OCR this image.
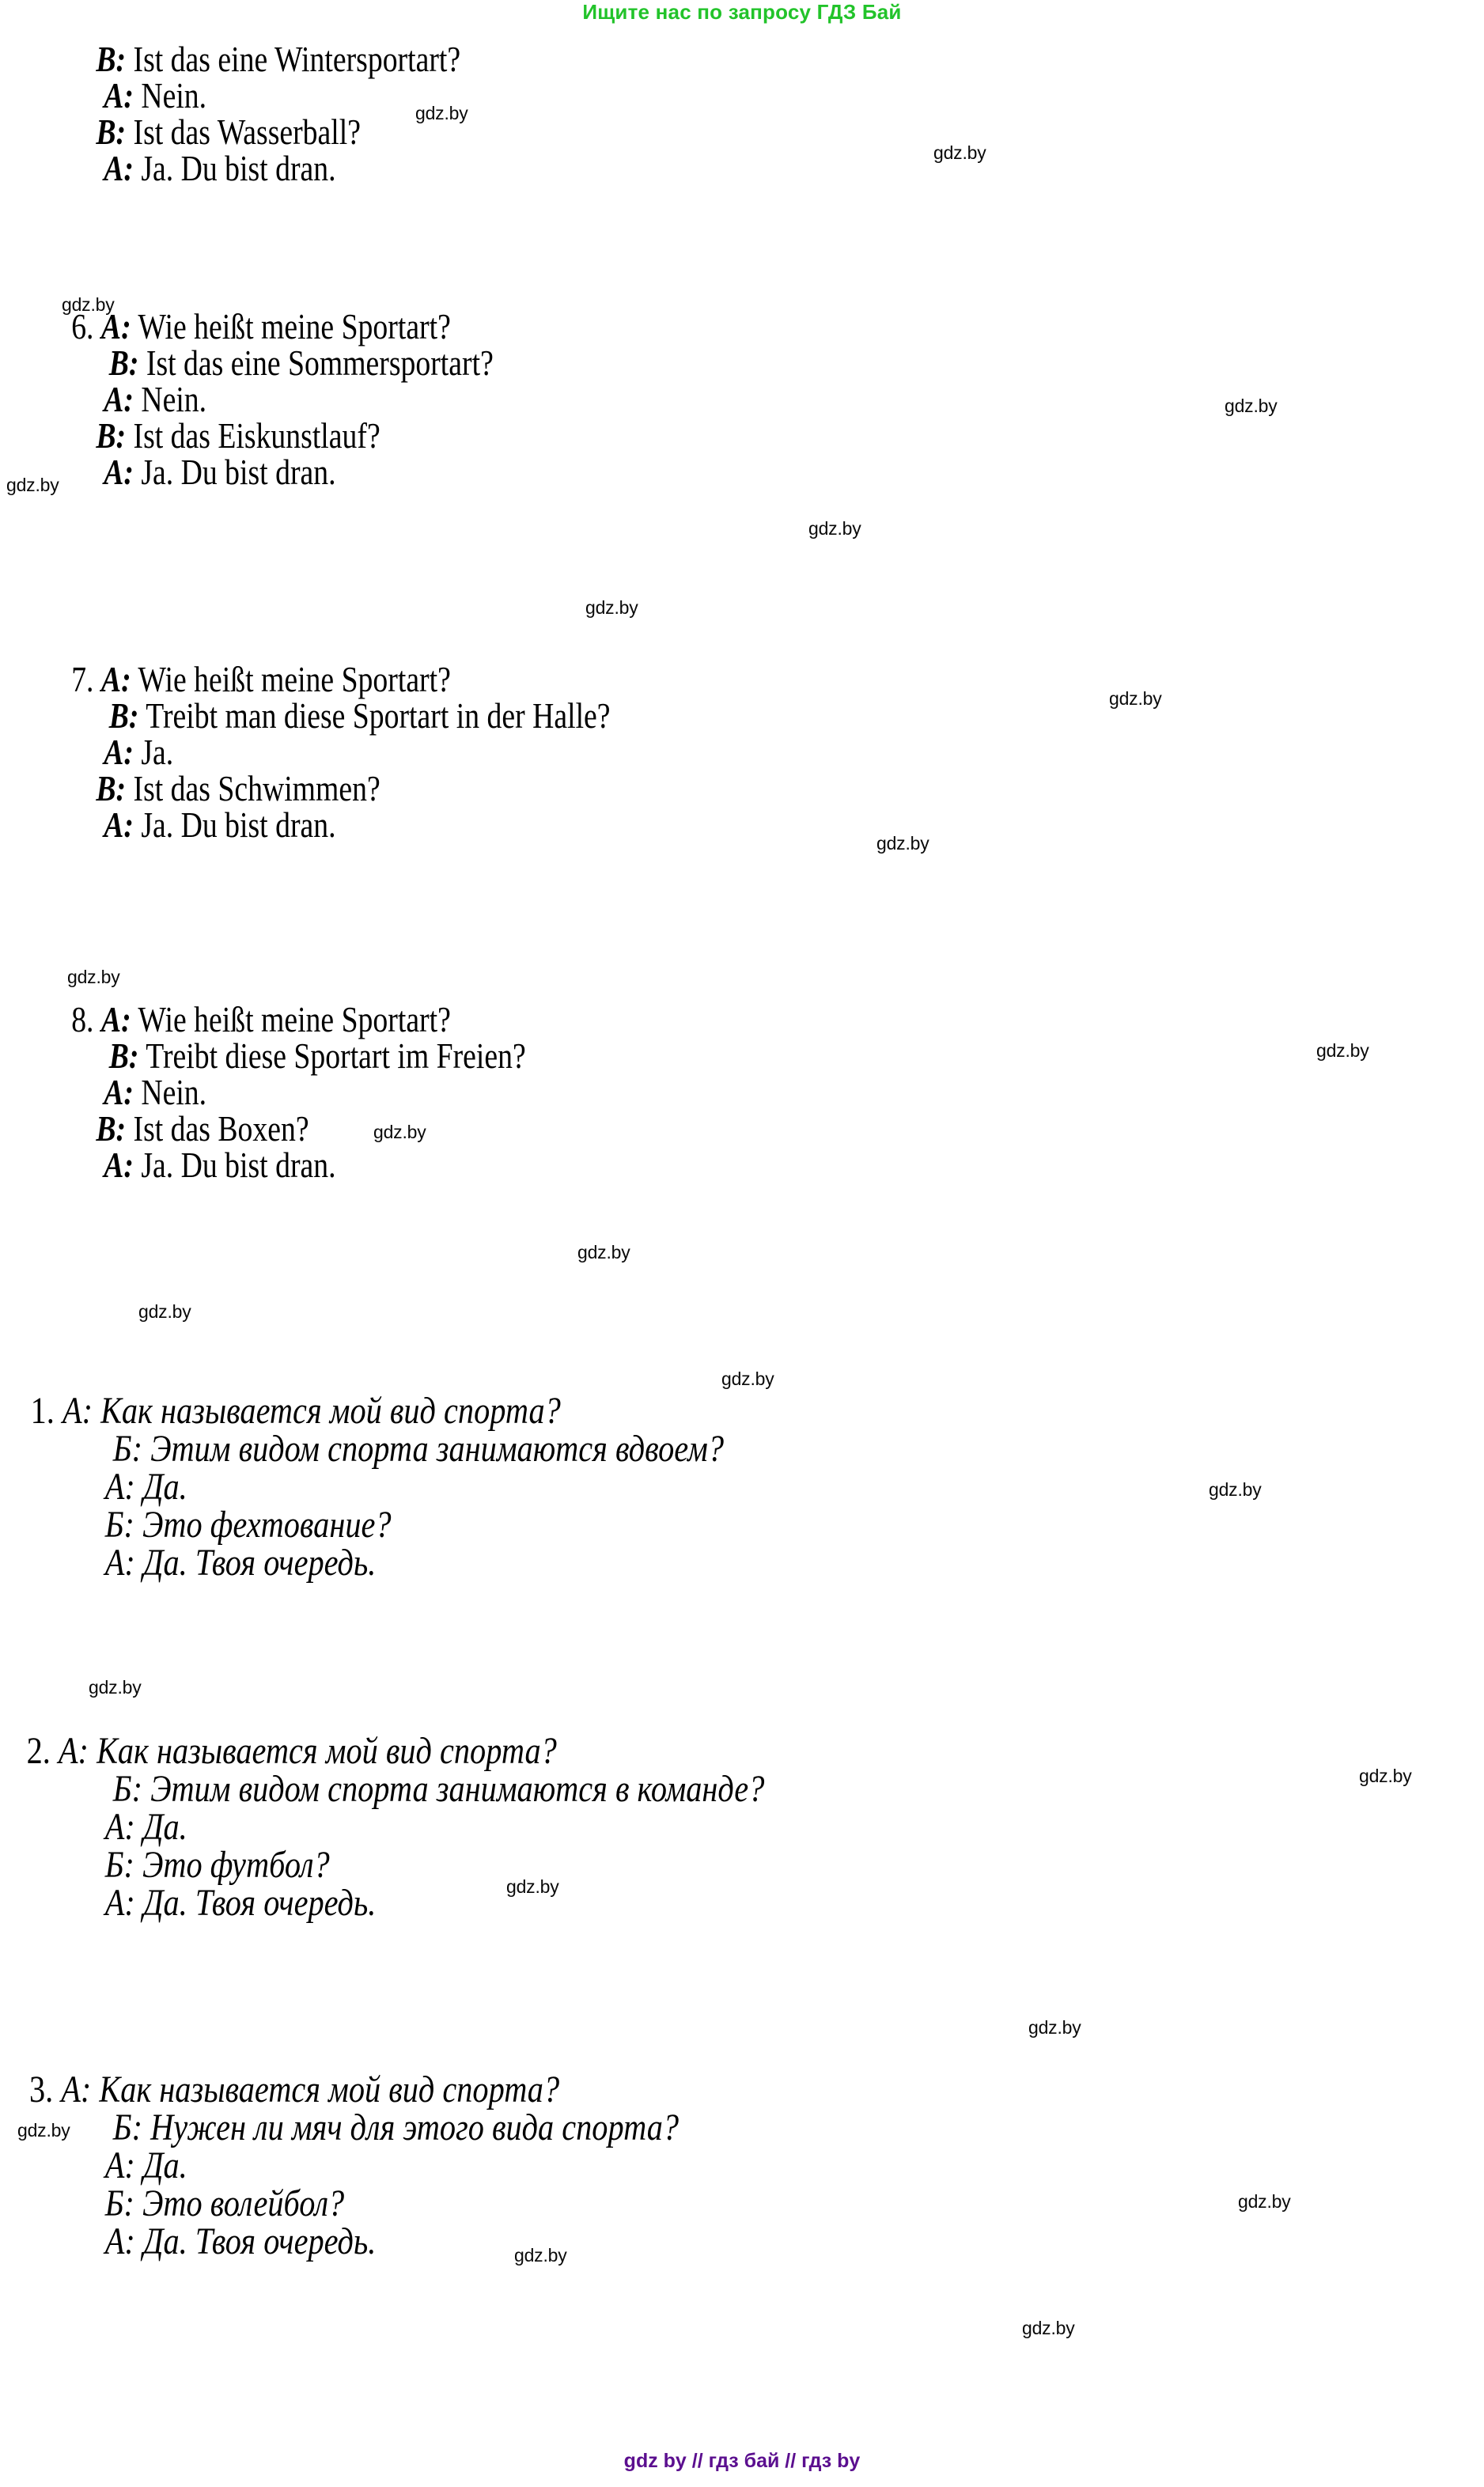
Ищите нас по запросу ГДЗ Бай
B: Ist das eine Wintersportart?
A: Nein.
B: Ist das Wasserball?
A: Ja. Du bist dran.
6. A: Wie heißt meine Sportart?
B: Ist das eine Sommersportart?
A: Nein.
B: Ist das Eiskunstlauf?
A: Ja. Du bist dran.
7. A: Wie heißt meine Sportart?
B: Treibt man diese Sportart in der Halle?
A: Ja.
B: Ist das Schwimmen?
A: Ja. Du bist dran.
8. A: Wie heißt meine Sportart?
B: Treibt diese Sportart im Freien?
A: Nein.
B: Ist das Boxen?
A: Ja. Du bist dran.
1. А: Как называется мой вид спорта?
Б: Этим видом спорта занимаются вдвоем?
А: Да.
Б: Это фехтование?
А: Да. Твоя очередь.
2. А: Как называется мой вид спорта?
Б: Этим видом спорта занимаются в команде?
А: Да.
Б: Это футбол?
А: Да. Твоя очередь.
3. А: Как называется мой вид спорта?
Б: Нужен ли мяч для этого вида спорта?
А: Да.
Б: Это волейбол?
А: Да. Твоя очередь.
gdz.by
gdz.by
gdz.by
gdz.by
gdz.by
gdz.by
gdz.by
gdz.by
gdz.by
gdz.by
gdz.by
gdz.by
gdz.by
gdz.by
gdz.by
gdz.by
gdz.by
gdz.by
gdz.by
gdz.by
gdz.by
gdz.by
gdz.by
gdz.by
gdz by // гдз бай // гдз by
